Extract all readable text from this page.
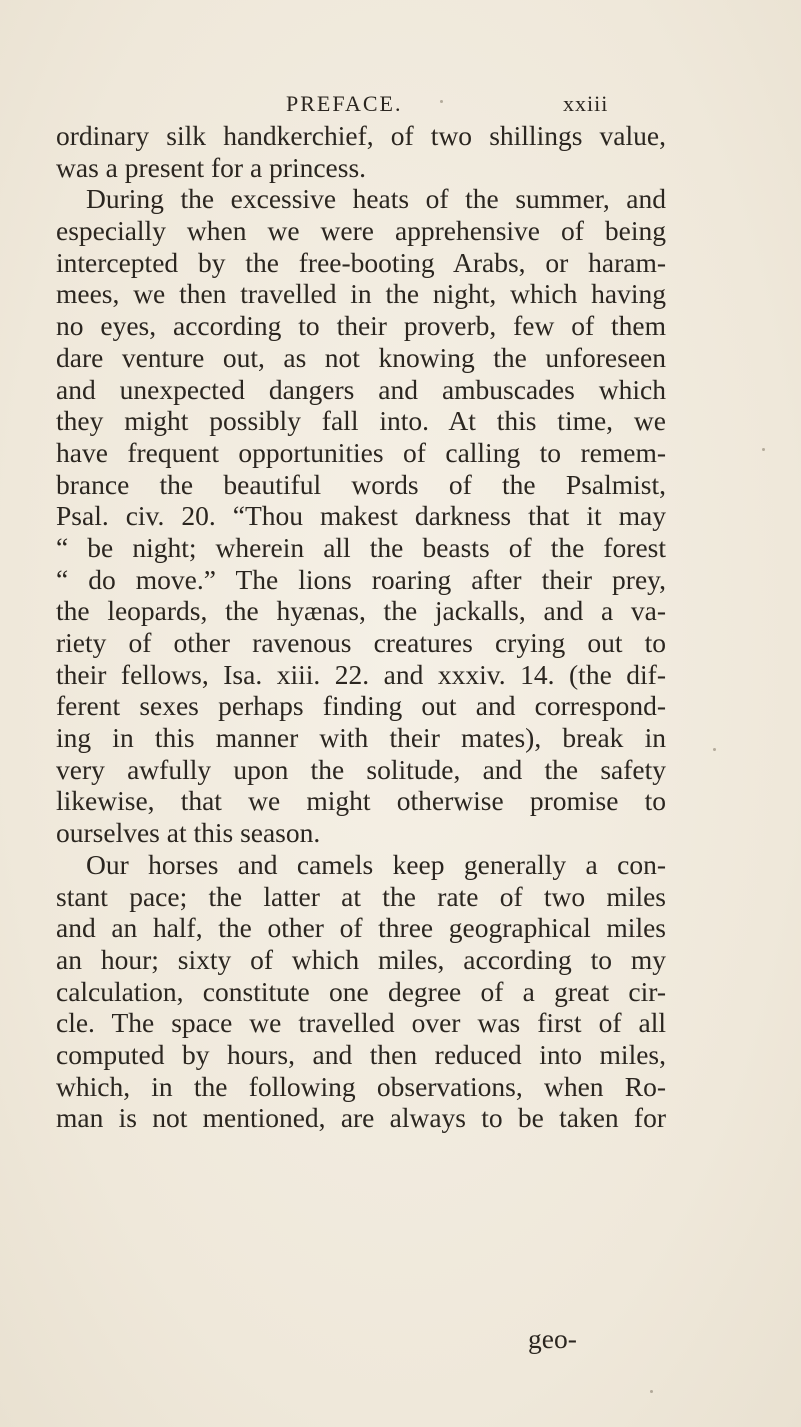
PREFACE.	xxiii
ordinary silk handkerchief, of two shillings value,
was a present for a princess.
During the excessive heats of the summer, and
especially when we were apprehensive of being
intercepted by the free-booting Arabs, or haram-
mees, we then travelled in the night, which having
no eyes, according to their proverb, few of them
dare venture out, as not knowing the unforeseen
and unexpected dangers and ambuscades which
they might possibly fall into. At this time, we
have frequent opportunities of calling to remem-
brance the beautiful words of the Psalmist,
Psal. civ. 20. “Thou makest darkness that it may
“ be night; wherein all the beasts of the forest
“ do move.” The lions roaring after their prey,
the leopards, the hyænas, the jackalls, and a va-
riety of other ravenous creatures crying out to
their fellows, Isa. xiii. 22. and xxxiv. 14. (the dif-
ferent sexes perhaps finding out and correspond-
ing in this manner with their mates), break in
very awfully upon the solitude, and the safety
likewise, that we might otherwise promise to
ourselves at this season.
Our horses and camels keep generally a con-
stant pace; the latter at the rate of two miles
and an half, the other of three geographical miles
an hour; sixty of which miles, according to my
calculation, constitute one degree of a great cir-
cle. The space we travelled over was first of all
computed by hours, and then reduced into miles,
which, in the following observations, when Ro-
man is not mentioned, are always to be taken for
geo-
